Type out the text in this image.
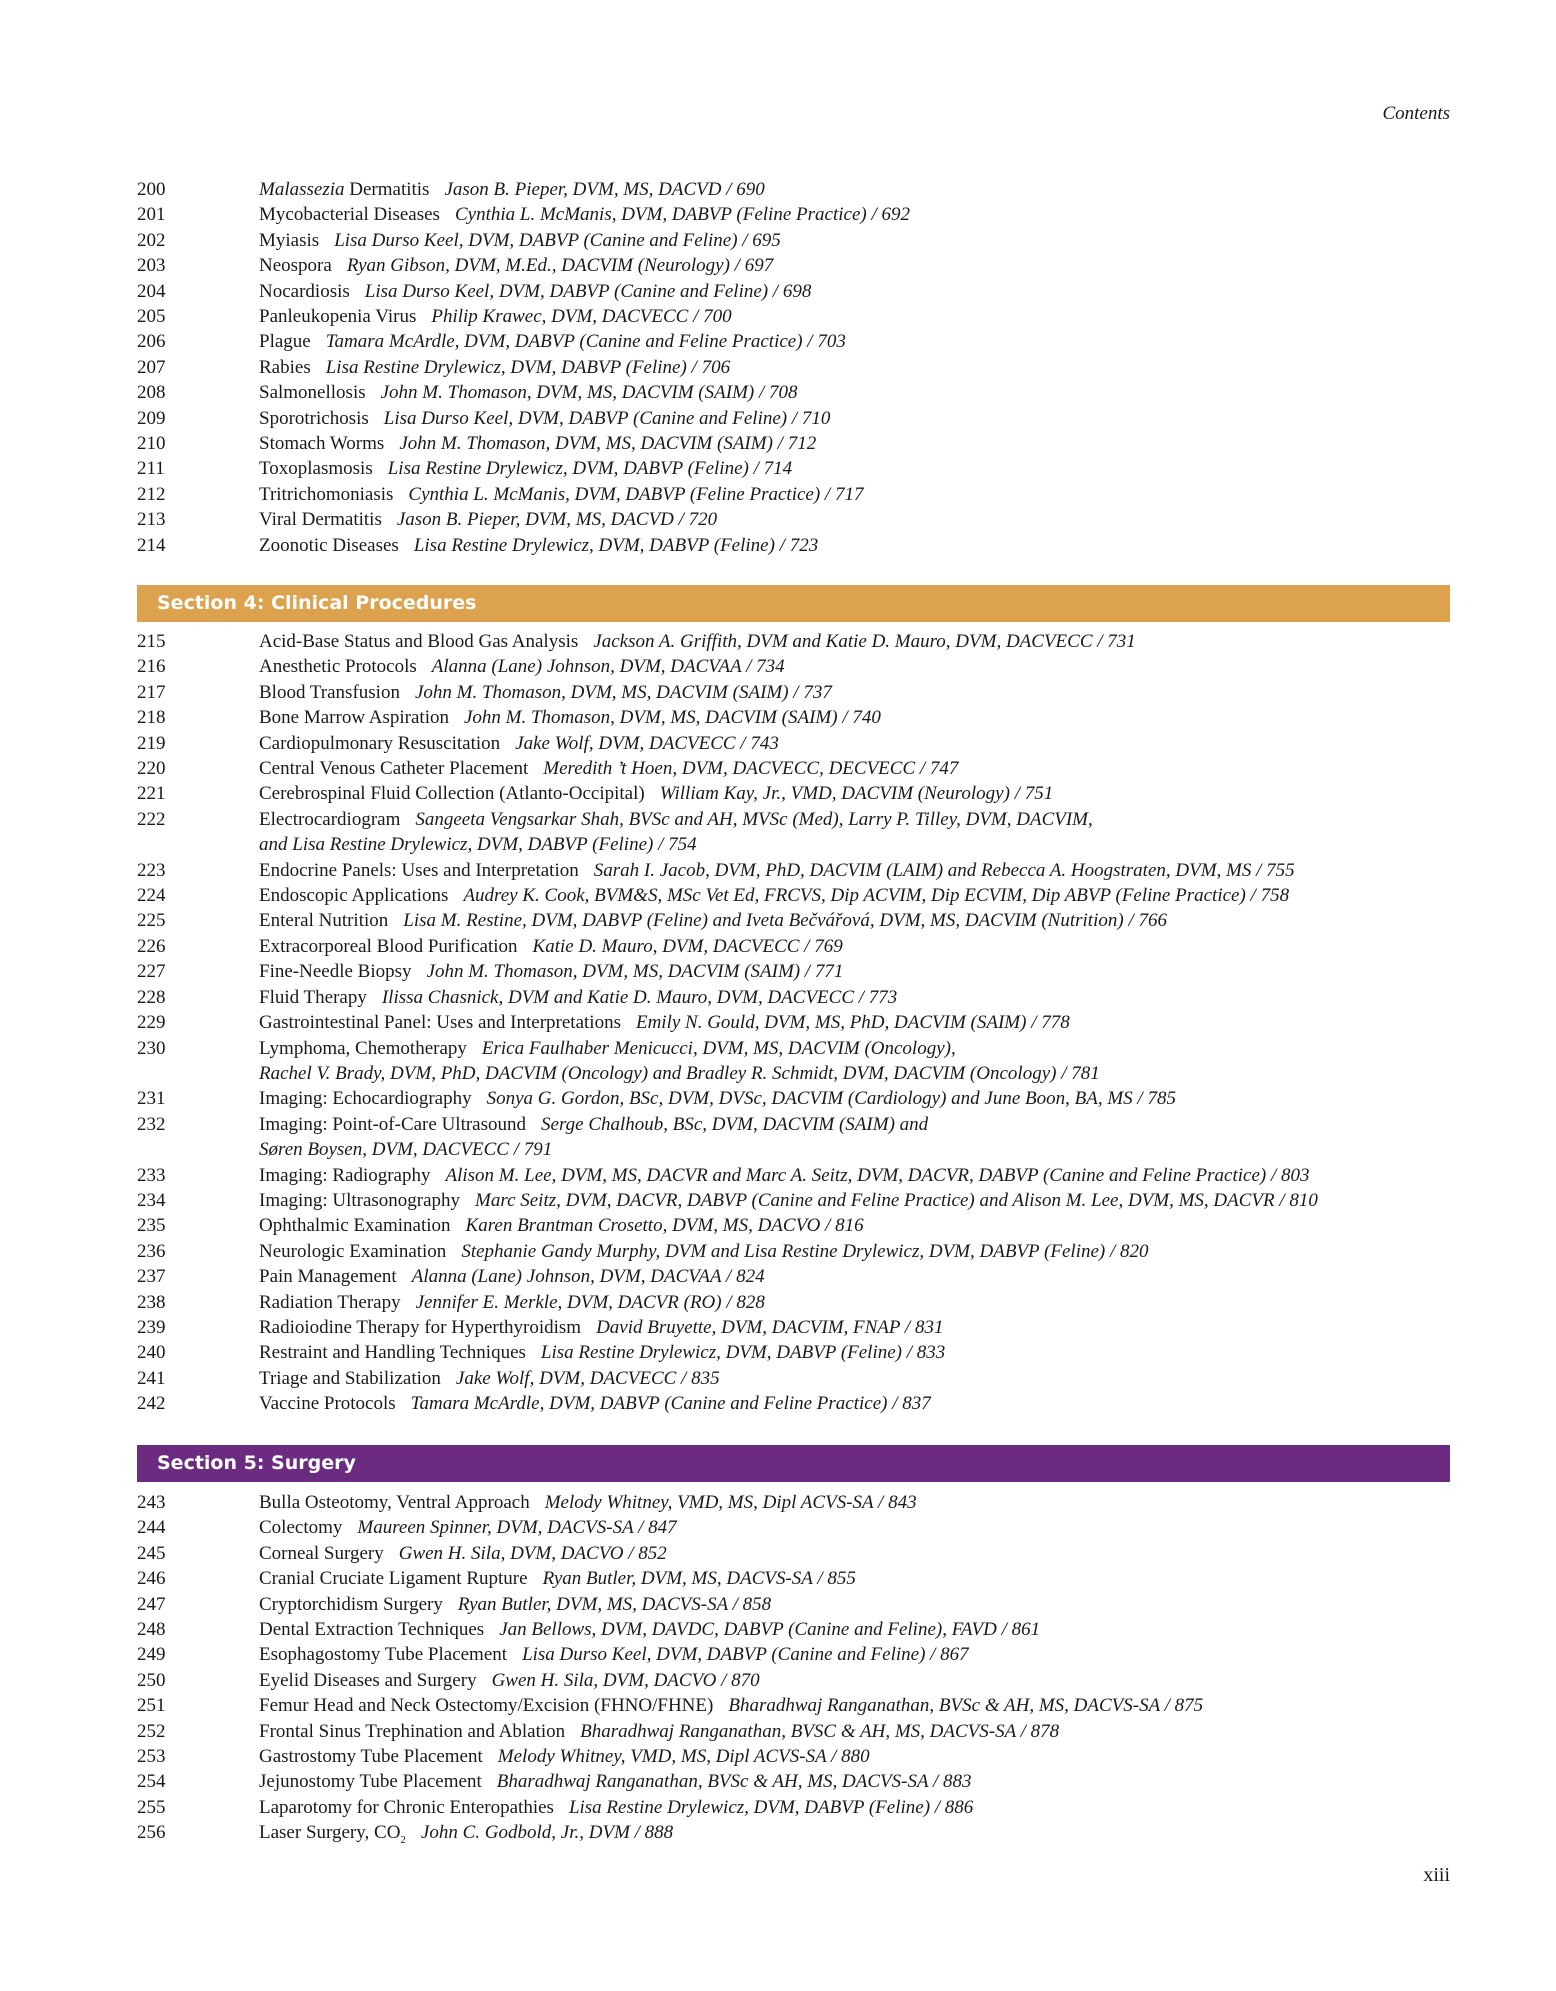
Contents
200	Malassezia Dermatitis Jason B. Pieper, DVM, MS, DACVD / 690
201	Mycobacterial Diseases Cynthia L. McManis, DVM, DABVP (Feline Practice) / 692
202	Myiasis Lisa Durso Keel, DVM, DABVP (Canine and Feline) / 695
203	Neospora Ryan Gibson, DVM, M.Ed., DACVIM (Neurology) / 697
204	Nocardiosis Lisa Durso Keel, DVM, DABVP (Canine and Feline) / 698
205	Panleukopenia Virus Philip Krawec, DVM, DACVECC / 700
206	Plague Tamara McArdle, DVM, DABVP (Canine and Feline Practice) / 703
207	Rabies Lisa Restine Drylewicz, DVM, DABVP (Feline) / 706
208	Salmonellosis John M. Thomason, DVM, MS, DACVIM (SAIM) / 708
209	Sporotrichosis Lisa Durso Keel, DVM, DABVP (Canine and Feline) / 710
210	Stomach Worms John M. Thomason, DVM, MS, DACVIM (SAIM) / 712
211	Toxoplasmosis Lisa Restine Drylewicz, DVM, DABVP (Feline) / 714
212	Tritrichomoniasis Cynthia L. McManis, DVM, DABVP (Feline Practice) / 717
213	Viral Dermatitis Jason B. Pieper, DVM, MS, DACVD / 720
214	Zoonotic Diseases Lisa Restine Drylewicz, DVM, DABVP (Feline) / 723
Section 4: Clinical Procedures
215	Acid-Base Status and Blood Gas Analysis Jackson A. Griffith, DVM and Katie D. Mauro, DVM, DACVECC / 731
216	Anesthetic Protocols Alanna (Lane) Johnson, DVM, DACVAA / 734
217	Blood Transfusion John M. Thomason, DVM, MS, DACVIM (SAIM) / 737
218	Bone Marrow Aspiration John M. Thomason, DVM, MS, DACVIM (SAIM) / 740
219	Cardiopulmonary Resuscitation Jake Wolf, DVM, DACVECC / 743
220	Central Venous Catheter Placement Meredith ’t Hoen, DVM, DACVECC, DECVECC / 747
221	Cerebrospinal Fluid Collection (Atlanto-Occipital) William Kay, Jr., VMD, DACVIM (Neurology) / 751
222	Electrocardiogram Sangeeta Vengsarkar Shah, BVSc and AH, MVSc (Med), Larry P. Tilley, DVM, DACVIM,
and Lisa Restine Drylewicz, DVM, DABVP (Feline) / 754
223	Endocrine Panels: Uses and Interpretation Sarah I. Jacob, DVM, PhD, DACVIM (LAIM) and Rebecca A. Hoogstraten, DVM, MS / 755
224	Endoscopic Applications Audrey K. Cook, BVM&S, MSc Vet Ed, FRCVS, Dip ACVIM, Dip ECVIM, Dip ABVP (Feline Practice) / 758
225	Enteral Nutrition Lisa M. Restine, DVM, DABVP (Feline) and Iveta Bečvářová, DVM, MS, DACVIM (Nutrition) / 766
226	Extracorporeal Blood Purification Katie D. Mauro, DVM, DACVECC / 769
227	Fine-Needle Biopsy John M. Thomason, DVM, MS, DACVIM (SAIM) / 771
228	Fluid Therapy Ilissa Chasnick, DVM and Katie D. Mauro, DVM, DACVECC / 773
229	Gastrointestinal Panel: Uses and Interpretations Emily N. Gould, DVM, MS, PhD, DACVIM (SAIM) / 778
230	Lymphoma, Chemotherapy Erica Faulhaber Menicucci, DVM, MS, DACVIM (Oncology),
Rachel V. Brady, DVM, PhD, DACVIM (Oncology) and Bradley R. Schmidt, DVM, DACVIM (Oncology) / 781
231	Imaging: Echocardiography Sonya G. Gordon, BSc, DVM, DVSc, DACVIM (Cardiology) and June Boon, BA, MS / 785
232	Imaging: Point-of-Care Ultrasound Serge Chalhoub, BSc, DVM, DACVIM (SAIM) and
Søren Boysen, DVM, DACVECC / 791
233	Imaging: Radiography Alison M. Lee, DVM, MS, DACVR and Marc A. Seitz, DVM, DACVR, DABVP (Canine and Feline Practice) / 803
234	Imaging: Ultrasonography Marc Seitz, DVM, DACVR, DABVP (Canine and Feline Practice) and Alison M. Lee, DVM, MS, DACVR / 810
235	Ophthalmic Examination Karen Brantman Crosetto, DVM, MS, DACVO / 816
236	Neurologic Examination Stephanie Gandy Murphy, DVM and Lisa Restine Drylewicz, DVM, DABVP (Feline) / 820
237	Pain Management Alanna (Lane) Johnson, DVM, DACVAA / 824
238	Radiation Therapy Jennifer E. Merkle, DVM, DACVR (RO) / 828
239	Radioiodine Therapy for Hyperthyroidism David Bruyette, DVM, DACVIM, FNAP / 831
240	Restraint and Handling Techniques Lisa Restine Drylewicz, DVM, DABVP (Feline) / 833
241	Triage and Stabilization Jake Wolf, DVM, DACVECC / 835
242	Vaccine Protocols Tamara McArdle, DVM, DABVP (Canine and Feline Practice) / 837
Section 5: Surgery
243	Bulla Osteotomy, Ventral Approach Melody Whitney, VMD, MS, Dipl ACVS-SA / 843
244	Colectomy Maureen Spinner, DVM, DACVS-SA / 847
245	Corneal Surgery Gwen H. Sila, DVM, DACVO / 852
246	Cranial Cruciate Ligament Rupture Ryan Butler, DVM, MS, DACVS-SA / 855
247	Cryptorchidism Surgery Ryan Butler, DVM, MS, DACVS-SA / 858
248	Dental Extraction Techniques Jan Bellows, DVM, DAVDC, DABVP (Canine and Feline), FAVD / 861
249	Esophagostomy Tube Placement Lisa Durso Keel, DVM, DABVP (Canine and Feline) / 867
250	Eyelid Diseases and Surgery Gwen H. Sila, DVM, DACVO / 870
251	Femur Head and Neck Ostectomy/Excision (FHNO/FHNE) Bharadhwaj Ranganathan, BVSc & AH, MS, DACVS-SA / 875
252	Frontal Sinus Trephination and Ablation Bharadhwaj Ranganathan, BVSC & AH, MS, DACVS-SA / 878
253	Gastrostomy Tube Placement Melody Whitney, VMD, MS, Dipl ACVS-SA / 880
254	Jejunostomy Tube Placement Bharadhwaj Ranganathan, BVSc & AH, MS, DACVS-SA / 883
255	Laparotomy for Chronic Enteropathies Lisa Restine Drylewicz, DVM, DABVP (Feline) / 886
256	Laser Surgery, $CO_2$ John C. Godbold, Jr., DVM / 888
xiii
